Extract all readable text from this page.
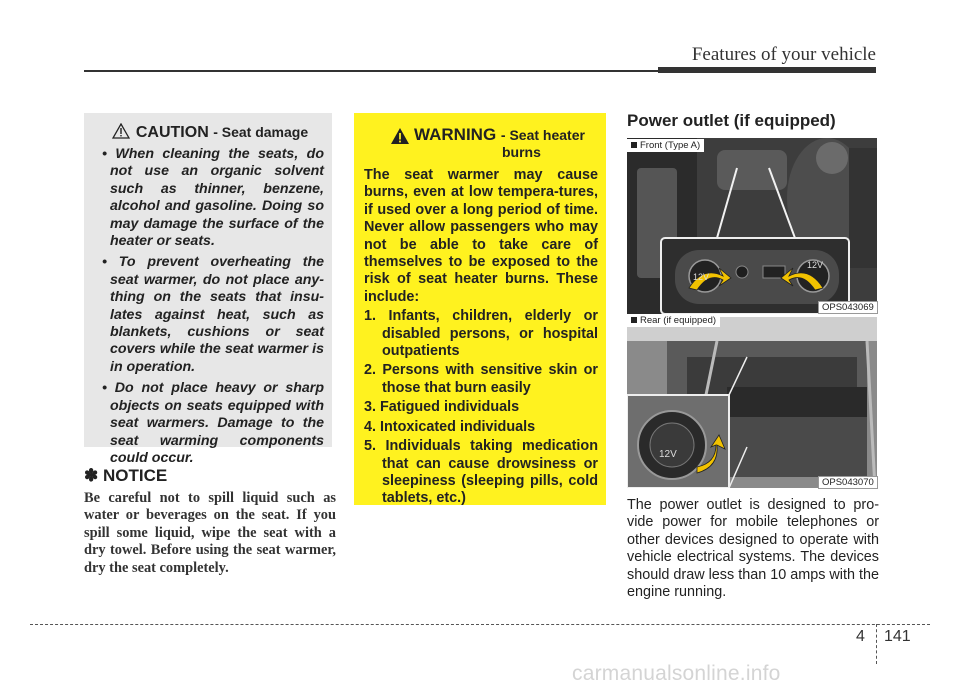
Features of your vehicle
CAUTION - Seat damage
• When cleaning the seats, do not use an organic solvent such as thinner, benzene, alcohol and gasoline. Doing so may damage the surface of the heater or seats.
• To prevent overheating the seat warmer, do not place any-thing on the seats that insu-lates against heat, such as blankets, cushions or seat covers while the seat warmer is in operation.
• Do not place heavy or sharp objects on seats equipped with seat warmers. Damage to the seat warming components could occur.
✽ NOTICE
Be careful not to spill liquid such as water or beverages on the seat. If you spill some liquid, wipe the seat with a dry towel. Before using the seat warmer, dry the seat completely.
WARNING - Seat heater
burns
The seat warmer may cause burns, even at low tempera-tures, if used over a long period of time. Never allow passengers who may not be able to take care of themselves to be exposed to the risk of seat heater burns. These include:
1. Infants, children, elderly or disabled persons, or hospital outpatients
2. Persons with sensitive skin or those that burn easily
3. Fatigued individuals
4. Intoxicated individuals
5. Individuals taking medication that can cause drowsiness or sleepiness (sleeping pills, cold tablets, etc.)
Power outlet (if equipped)
12V
12V
Front (Type A)
OPS043069
12V
Rear (if equipped)
OPS043070
The power outlet is designed to pro-vide power for mobile telephones or other devices designed to operate with vehicle electrical systems. The devices should draw less than 10 amps with the engine running.
4 141
carmanualsonline.info
